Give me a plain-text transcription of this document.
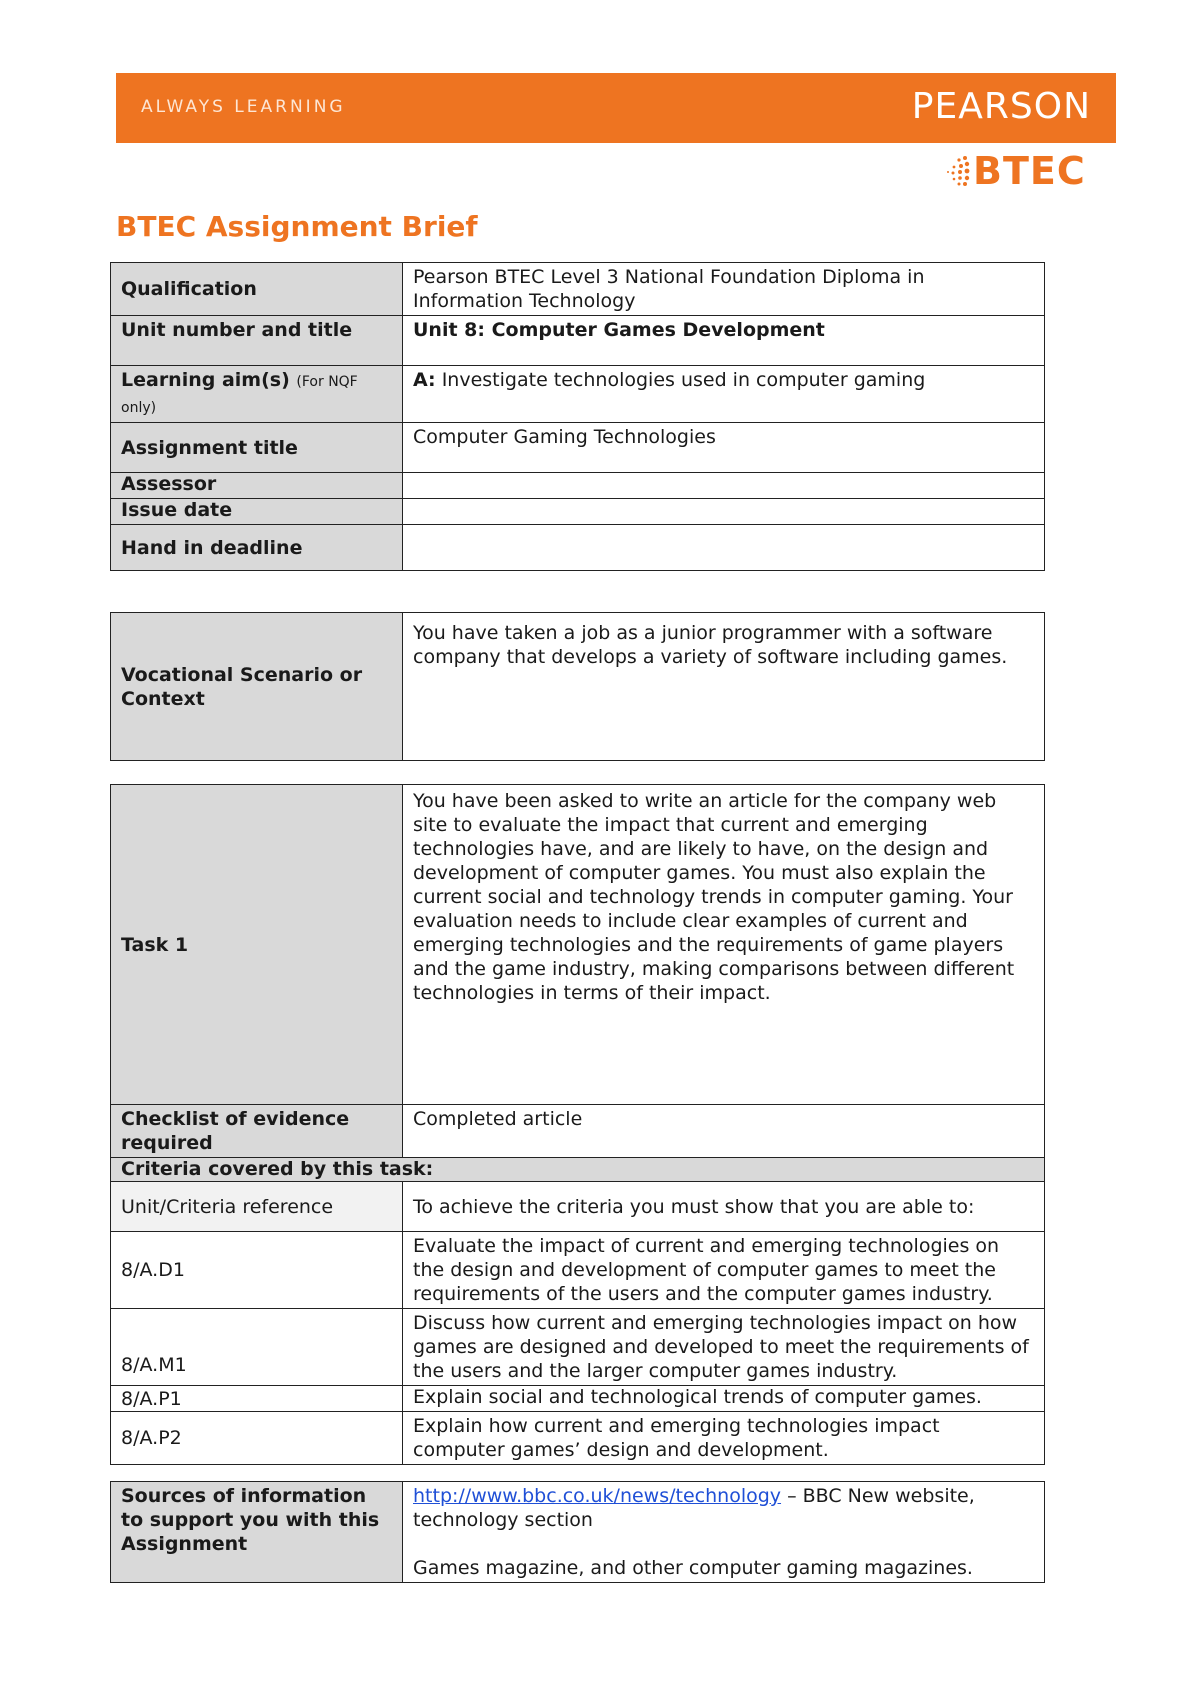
ALWAYS LEARNING	PEARSON
BTEC
BTEC Assignment Brief
Qualification	Pearson BTEC Level 3 National Foundation Diploma in Information Technology
Unit number and title	Unit 8: Computer Games Development
Learning aim(s) (For NQF only)	A: Investigate technologies used in computer gaming
Assignment title	Computer Gaming Technologies
Assessor	
Issue date	
Hand in deadline	
Vocational Scenario or Context	You have taken a job as a junior programmer with a software company that develops a variety of software including games.
Task 1	You have been asked to write an article for the company web site to evaluate the impact that current and emerging technologies have, and are likely to have, on the design and development of computer games. You must also explain the current social and technology trends in computer gaming. Your evaluation needs to include clear examples of current and emerging technologies and the requirements of game players and the game industry, making comparisons between different technologies in terms of their impact.
Checklist of evidence required	Completed article
Criteria covered by this task:	
Unit/Criteria reference	To achieve the criteria you must show that you are able to:
8/A.D1	Evaluate the impact of current and emerging technologies on the design and development of computer games to meet the requirements of the users and the computer games industry.
8/A.M1	Discuss how current and emerging technologies impact on how games are designed and developed to meet the requirements of the users and the larger computer games industry.
8/A.P1	Explain social and technological trends of computer games.
8/A.P2	Explain how current and emerging technologies impact computer games’ design and development.
Sources of information to support you with this Assignment	http://www.bbc.co.uk/news/technology – BBC New website, technology section
Games magazine, and other computer gaming magazines.
